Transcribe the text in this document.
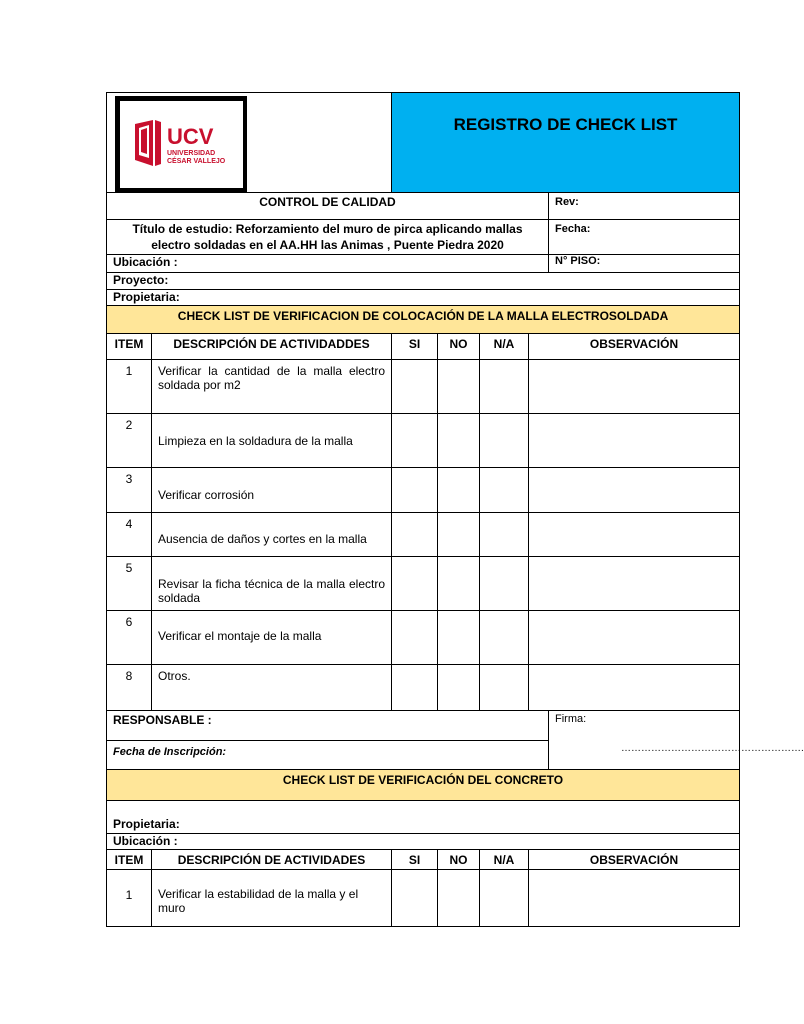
UCV
UNIVERSIDAD
CÉSAR VALLEJO		REGISTRO DE CHECK LIST				
CONTROL DE CALIDAD						Rev:
Título de estudio: Reforzamiento del muro de pirca aplicando mallas electro soldadas en el AA.HH las Animas , Puente Piedra 2020						Fecha:
Ubicación :						N° PISO:
Proyecto:						
Propietaria:						
CHECK LIST DE VERIFICACION DE COLOCACIÓN DE LA MALLA ELECTROSOLDADA						
ITEM	DESCRIPCIÓN DE ACTIVIDADDES	SI	NO	N/A	OBSERVACIÓN	
1	Verificar la cantidad de la malla electro soldada por m2					
2	Limpieza en la soldadura de la malla					
3	Verificar corrosión					
4	Ausencia de daños y cortes en la malla					
5	Revisar la ficha técnica de la malla electro soldada					
6	Verificar el montaje de la malla					
8	Otros.					
RESPONSABLE :						Firma:
……………………………………………….

Fecha de Inscripción:						
CHECK LIST DE VERIFICACIÓN DEL CONCRETO						

Propietaria:						
Ubicación :						
ITEM	DESCRIPCIÓN DE ACTIVIDADES	SI	NO	N/A	OBSERVACIÓN	
1	Verificar la estabilidad de la malla y el muro					
